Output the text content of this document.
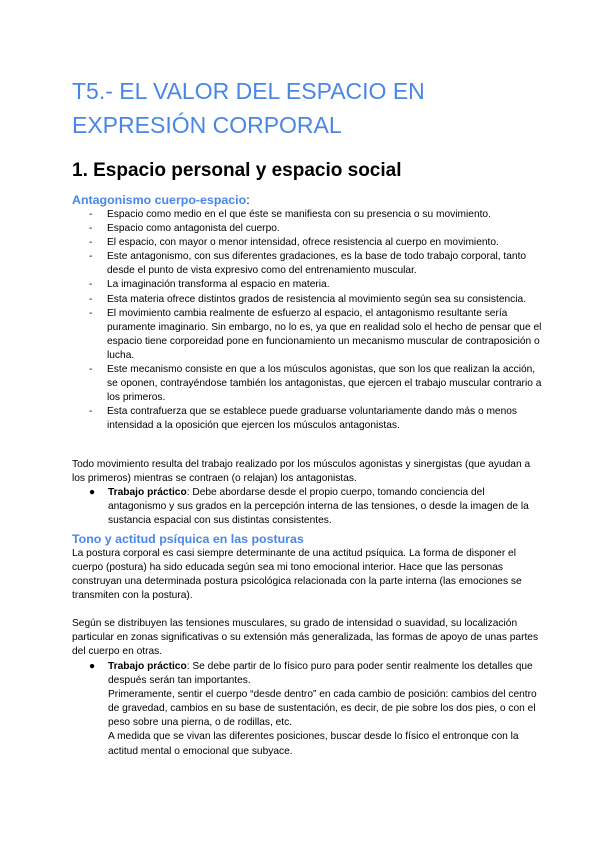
T5.- EL VALOR DEL ESPACIO EN EXPRESIÓN CORPORAL
1. Espacio personal y espacio social
Antagonismo cuerpo-espacio:
- Espacio como medio en el que éste se manifiesta con su presencia o su movimiento.
- Espacio como antagonista del cuerpo.
- El espacio, con mayor o menor intensidad, ofrece resistencia al cuerpo en movimiento.
- Este antagonismo, con sus diferentes gradaciones, es la base de todo trabajo corporal, tanto desde el punto de vista expresivo como del entrenamiento muscular.
- La imaginación transforma al espacio en materia.
- Esta materia ofrece distintos grados de resistencia al movimiento según sea su consistencia.
- El movimiento cambia realmente de esfuerzo al espacio, el antagonismo resultante sería puramente imaginario. Sin embargo, no lo es, ya que en realidad solo el hecho de pensar que el espacio tiene corporeidad pone en funcionamiento un mecanismo muscular de contraposición o lucha.
- Este mecanismo consiste en que a los músculos agonistas, que son los que realizan la acción, se oponen, contrayéndose también los antagonistas, que ejercen el trabajo muscular contrario a los primeros.
- Esta contrafuerza que se establece puede graduarse voluntariamente dando más o menos intensidad a la oposición que ejercen los músculos antagonistas.

Todo movimiento resulta del trabajo realizado por los músculos agonistas y sinergistas (que ayudan a los primeros) mientras se contraen (o relajan) los antagonistas.

● Trabajo práctico: Debe abordarse desde el propio cuerpo, tomando conciencia del antagonismo y sus grados en la percepción interna de las tensiones, o desde la imagen de la sustancia espacial con sus distintas consistentes.
Tono y actitud psíquica en las posturas

La postura corporal es casi siempre determinante de una actitud psíquica. La forma de disponer el cuerpo (postura) ha sido educada según sea mi tono emocional interior. Hace que las personas construyan una determinada postura psicológica relacionada con la parte interna (las emociones se transmiten con la postura).

Según se distribuyen las tensiones musculares, su grado de intensidad o suavidad, su localización particular en zonas significativas o su extensión más generalizada, las formas de apoyo de unas partes del cuerpo en otras.

● Trabajo práctico: Se debe partir de lo físico puro para poder sentir realmente los detalles que después serán tan importantes.
Primeramente, sentir el cuerpo “desde dentro” en cada cambio de posición: cambios del centro de gravedad, cambios en su base de sustentación, es decir, de pie sobre los dos pies, o con el peso sobre una pierna, o de rodillas, etc.
A medida que se vivan las diferentes posiciones, buscar desde lo físico el entronque con la actitud mental o emocional que subyace.
